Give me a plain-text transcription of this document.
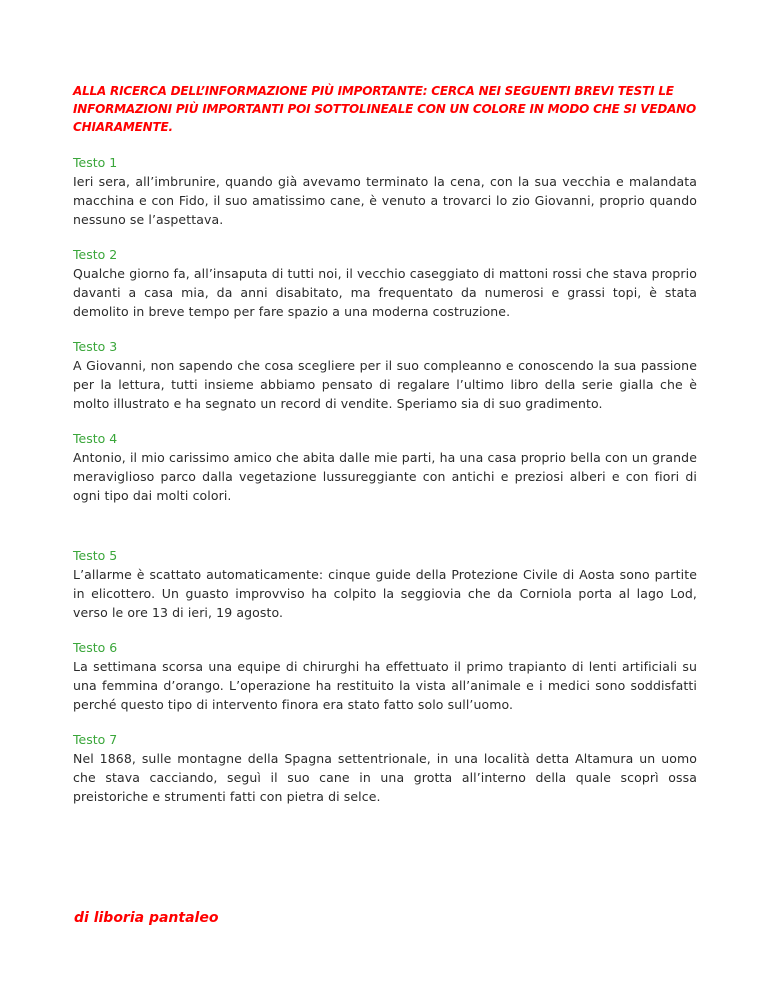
ALLA RICERCA DELL’INFORMAZIONE PIÙ IMPORTANTE: CERCA NEI SEGUENTI BREVI TESTI LE INFORMAZIONI PIÙ IMPORTANTI POI SOTTOLINEALE CON UN COLORE IN MODO CHE SI VEDANO CHIARAMENTE.

Testo 1

Ieri sera, all’imbrunire, quando già avevamo terminato la cena, con la sua vecchia e malandata macchina e con Fido, il suo amatissimo cane, è venuto a trovarci lo zio Giovanni, proprio quando nessuno se l’aspettava.

Testo 2

Qualche giorno fa, all’insaputa di tutti noi, il vecchio caseggiato di mattoni rossi che stava proprio davanti a casa mia, da anni disabitato, ma frequentato da numerosi e grassi topi, è stata demolito in breve tempo per fare spazio a una moderna costruzione.

Testo 3

A Giovanni, non sapendo che cosa scegliere per il suo compleanno e conoscendo la sua passione per la lettura, tutti insieme abbiamo pensato di regalare l’ultimo libro della serie gialla che è molto illustrato e ha segnato un record di vendite. Speriamo sia di suo gradimento.

Testo 4

Antonio, il mio carissimo amico che abita dalle mie parti, ha una casa proprio bella con un grande meraviglioso parco dalla vegetazione lussureggiante con antichi e preziosi alberi e con fiori di ogni tipo dai molti colori.

Testo 5

L’allarme è scattato automaticamente: cinque guide della Protezione Civile di Aosta sono partite in elicottero. Un guasto improvviso ha colpito la seggiovia che da Corniola porta al lago Lod, verso le ore 13 di ieri, 19 agosto.

Testo 6

La settimana scorsa una equipe di chirurghi ha effettuato il primo trapianto di lenti artificiali su una femmina d’orango. L’operazione ha restituito la vista all’animale e i medici sono soddisfatti perché questo tipo di intervento finora era stato fatto solo sull’uomo.

Testo 7

Nel 1868, sulle montagne della Spagna settentrionale, in una località detta Altamura un uomo che stava cacciando, seguì il suo cane in una grotta all’interno della quale scoprì ossa preistoriche e strumenti fatti con pietra di selce.

di liboria pantaleo
